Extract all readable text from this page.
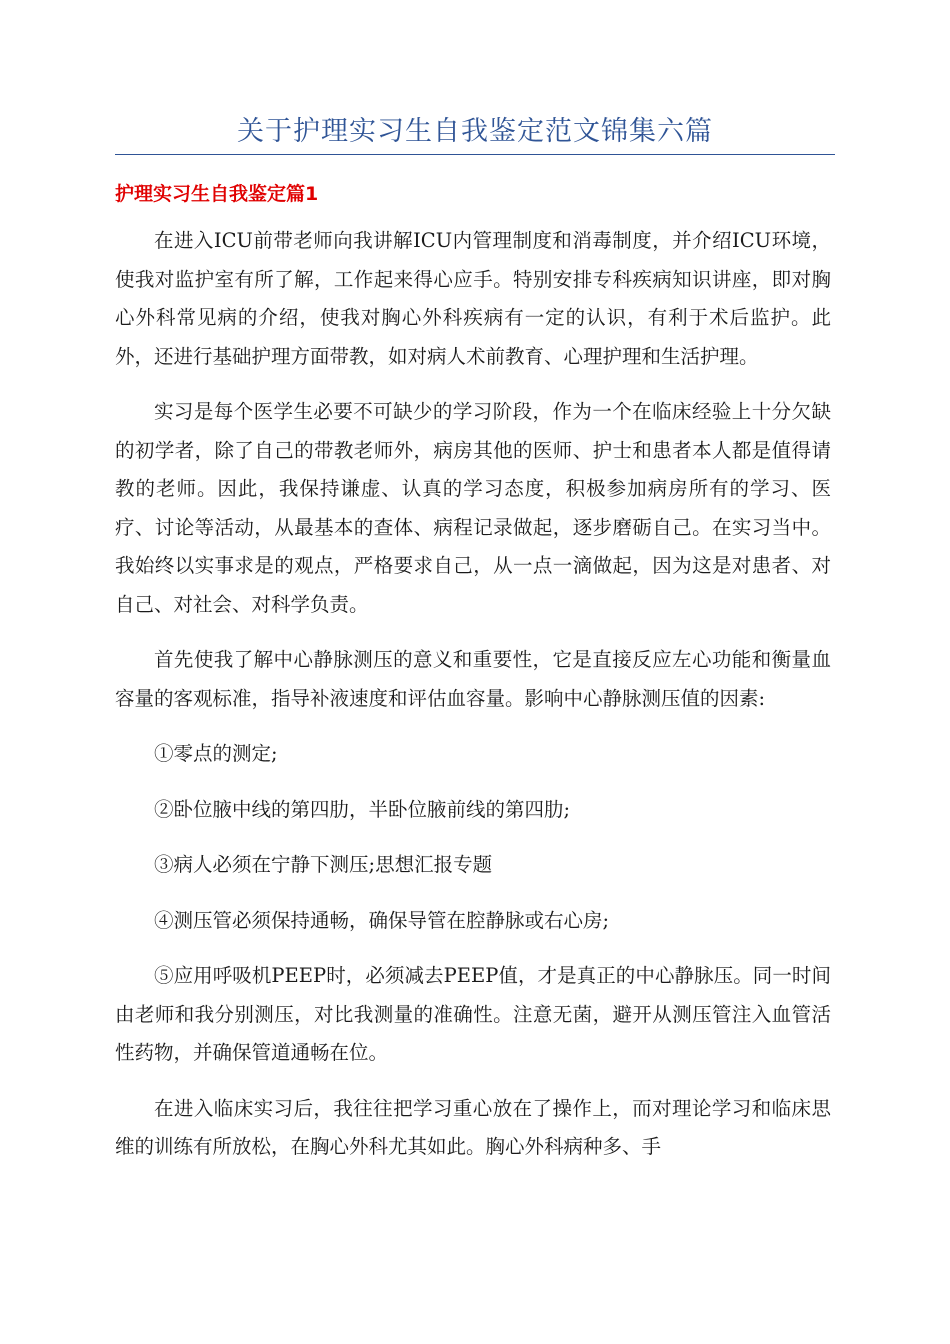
关于护理实习生自我鉴定范文锦集六篇
护理实习生自我鉴定篇1

在进入ICU前带老师向我讲解ICU内管理制度和消毒制度，并介绍ICU环境，使我对监护室有所了解，工作起来得心应手。特别安排专科疾病知识讲座，即对胸心外科常见病的介绍，使我对胸心外科疾病有一定的认识，有利于术后监护。此外，还进行基础护理方面带教，如对病人术前教育、心理护理和生活护理。

实习是每个医学生必要不可缺少的学习阶段，作为一个在临床经验上十分欠缺的初学者，除了自己的带教老师外，病房其他的医师、护士和患者本人都是值得请教的老师。因此，我保持谦虚、认真的学习态度，积极参加病房所有的学习、医疗、讨论等活动，从最基本的查体、病程记录做起，逐步磨砺自己。在实习当中。我始终以实事求是的观点，严格要求自己，从一点一滴做起，因为这是对患者、对自己、对社会、对科学负责。

首先使我了解中心静脉测压的意义和重要性，它是直接反应左心功能和衡量血容量的客观标准，指导补液速度和评估血容量。影响中心静脉测压值的因素:

①零点的测定;

②卧位腋中线的第四肋，半卧位腋前线的第四肋;

③病人必须在宁静下测压;思想汇报专题

④测压管必须保持通畅，确保导管在腔静脉或右心房;

⑤应用呼吸机PEEP时，必须减去PEEP值，才是真正的中心静脉压。同一时间由老师和我分别测压，对比我测量的准确性。注意无菌，避开从测压管注入血管活性药物，并确保管道通畅在位。

在进入临床实习后，我往往把学习重心放在了操作上，而对理论学习和临床思维的训练有所放松，在胸心外科尤其如此。胸心外科病种多、手
